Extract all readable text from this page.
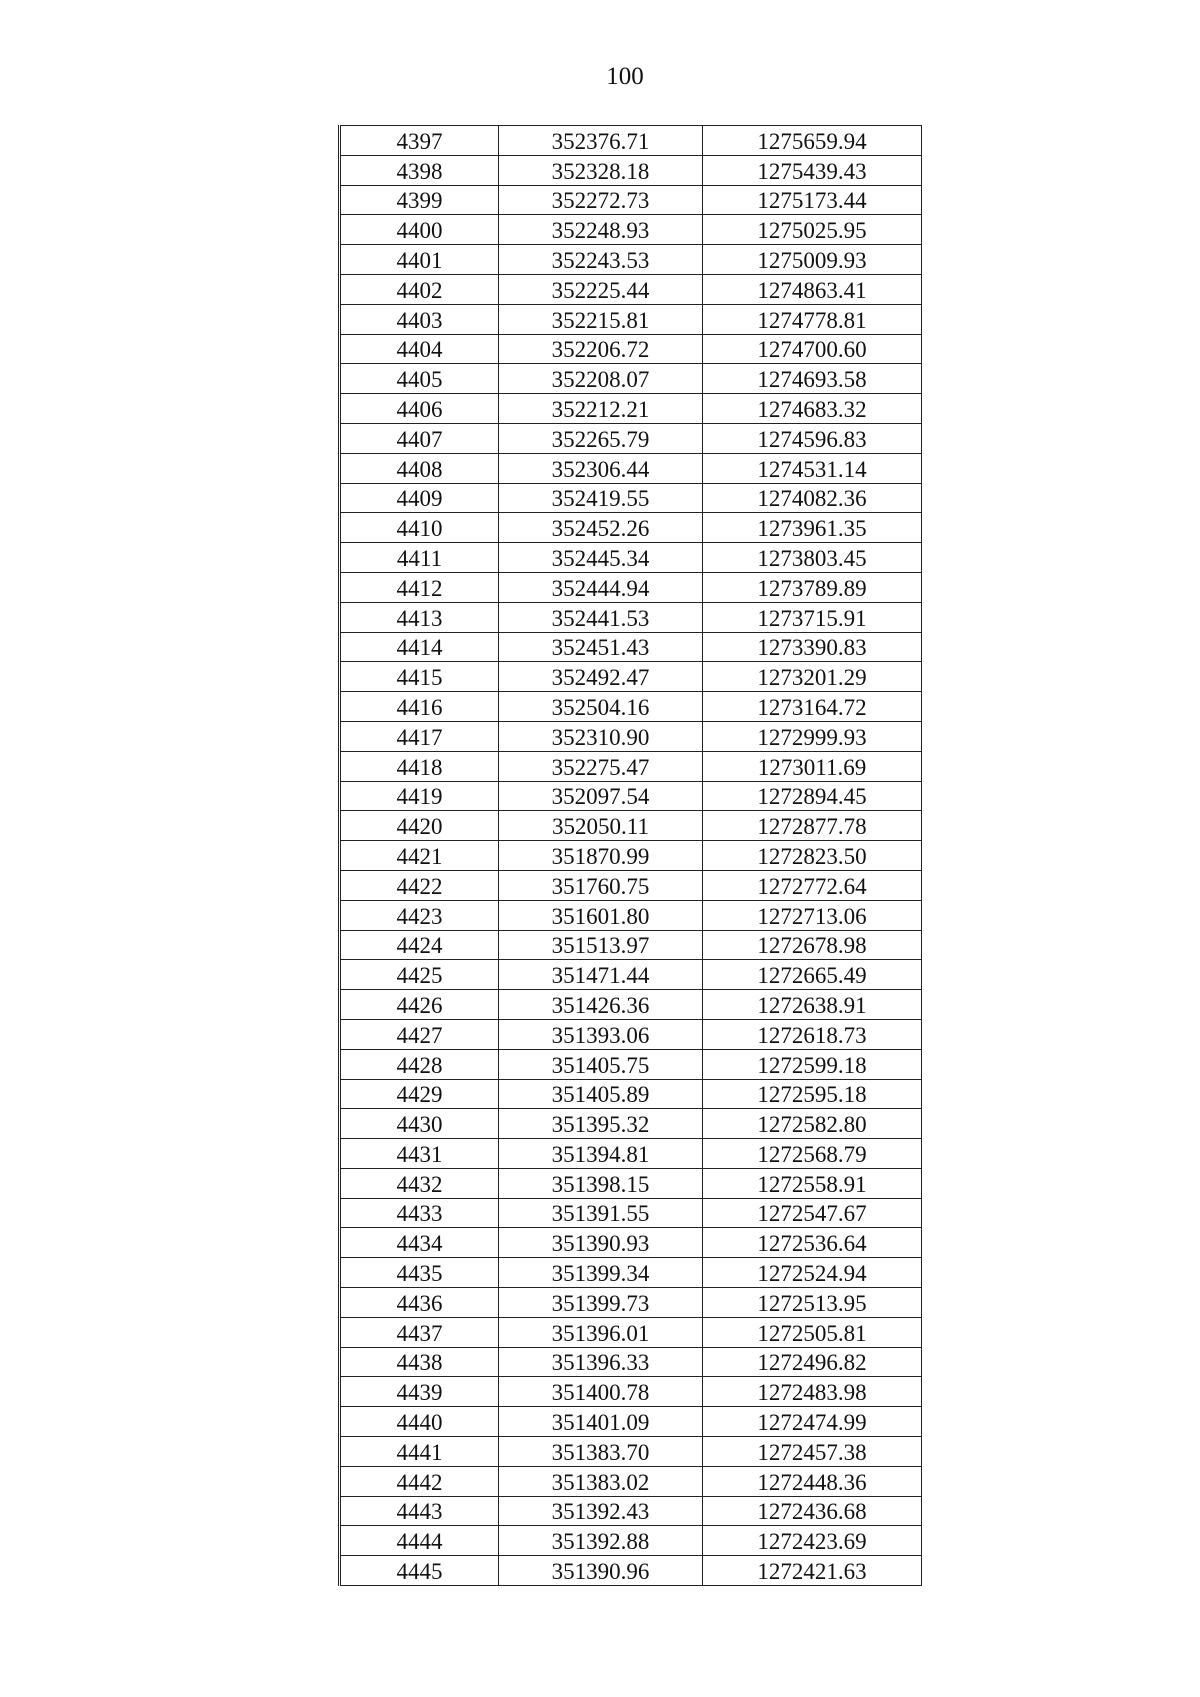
100
4397	352376.71	1275659.94
4398	352328.18	1275439.43
4399	352272.73	1275173.44
4400	352248.93	1275025.95
4401	352243.53	1275009.93
4402	352225.44	1274863.41
4403	352215.81	1274778.81
4404	352206.72	1274700.60
4405	352208.07	1274693.58
4406	352212.21	1274683.32
4407	352265.79	1274596.83
4408	352306.44	1274531.14
4409	352419.55	1274082.36
4410	352452.26	1273961.35
4411	352445.34	1273803.45
4412	352444.94	1273789.89
4413	352441.53	1273715.91
4414	352451.43	1273390.83
4415	352492.47	1273201.29
4416	352504.16	1273164.72
4417	352310.90	1272999.93
4418	352275.47	1273011.69
4419	352097.54	1272894.45
4420	352050.11	1272877.78
4421	351870.99	1272823.50
4422	351760.75	1272772.64
4423	351601.80	1272713.06
4424	351513.97	1272678.98
4425	351471.44	1272665.49
4426	351426.36	1272638.91
4427	351393.06	1272618.73
4428	351405.75	1272599.18
4429	351405.89	1272595.18
4430	351395.32	1272582.80
4431	351394.81	1272568.79
4432	351398.15	1272558.91
4433	351391.55	1272547.67
4434	351390.93	1272536.64
4435	351399.34	1272524.94
4436	351399.73	1272513.95
4437	351396.01	1272505.81
4438	351396.33	1272496.82
4439	351400.78	1272483.98
4440	351401.09	1272474.99
4441	351383.70	1272457.38
4442	351383.02	1272448.36
4443	351392.43	1272436.68
4444	351392.88	1272423.69
4445	351390.96	1272421.63
